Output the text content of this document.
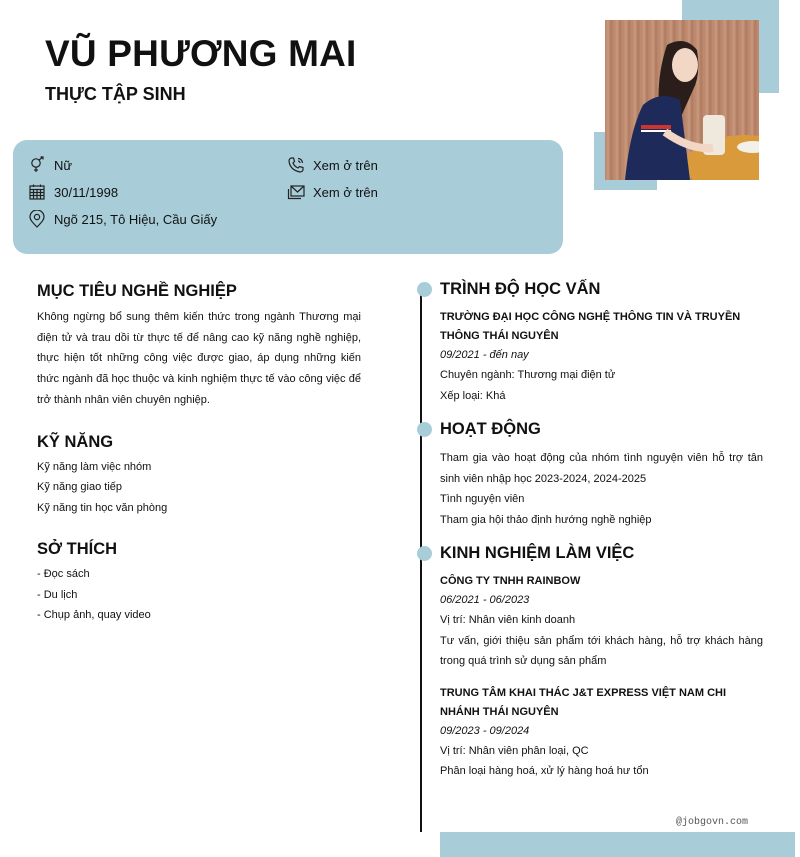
VŨ PHƯƠNG MAI
THỰC TẬP SINH
Nữ
30/11/1998
Ngõ 215, Tô Hiệu, Cầu Giấy
Xem ở trên
Xem ở trên
MỤC TIÊU NGHỀ NGHIỆP
Không ngừng bổ sung thêm kiến thức trong ngành Thương mại điện tử và trau dồi từ thực tế để nâng cao kỹ năng nghề nghiệp, thực hiện tốt những công việc được giao, áp dụng những kiến thức ngành đã học thuộc và kinh nghiệm thực tế vào công việc để trở thành nhân viên chuyên nghiệp.
KỸ NĂNG
Kỹ năng làm việc nhóm
Kỹ năng giao tiếp
Kỹ năng tin học văn phòng
SỞ THÍCH
- Đọc sách
- Du lịch
- Chụp ảnh, quay video
TRÌNH ĐỘ HỌC VẤN
TRƯỜNG ĐẠI HỌC CÔNG NGHỆ THÔNG TIN VÀ TRUYỀN THÔNG THÁI NGUYÊN
09/2021 - đến nay
Chuyên ngành: Thương mại điện tử
Xếp loại: Khá
HOẠT ĐỘNG
Tham gia vào hoạt động của nhóm tình nguyện viên hỗ trợ tân sinh viên nhập học 2023-2024, 2024-2025
Tình nguyện viên
Tham gia hội thảo định hướng nghề nghiệp
KINH NGHIỆM LÀM VIỆC
CÔNG TY TNHH RAINBOW
06/2021 - 06/2023
Vị trí: Nhân viên kinh doanh
Tư vấn, giới thiệu sản phẩm tới khách hàng, hỗ trợ khách hàng trong quá trình sử dụng sản phẩm
TRUNG TÂM KHAI THÁC J&T EXPRESS VIỆT NAM CHI NHÁNH THÁI NGUYÊN
09/2023 - 09/2024
Vị trí: Nhân viên phân loại, QC
Phân loại hàng hoá, xử lý hàng hoá hư tổn
@jobgovn.com
